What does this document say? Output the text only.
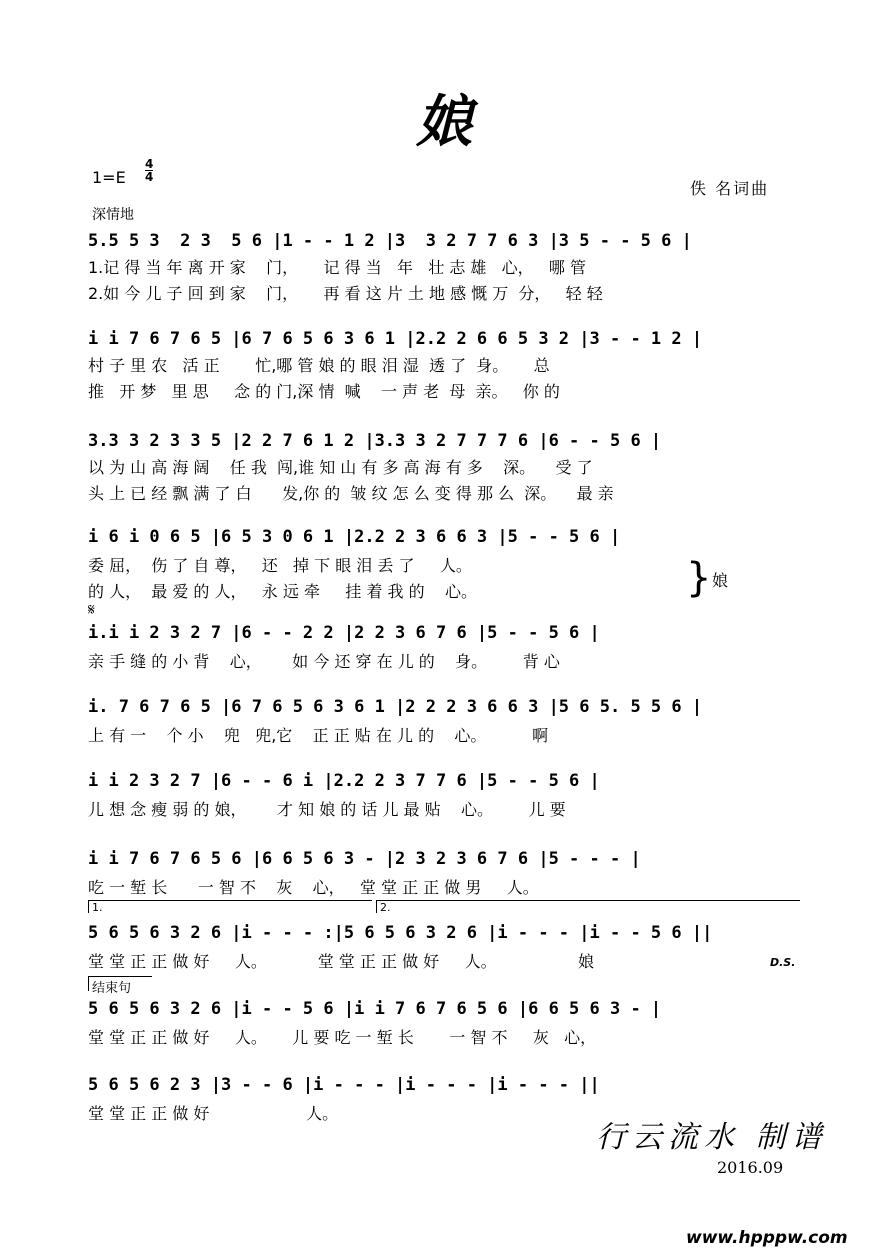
娘
$1=E \frac{4}{4}$
佚 名词曲
深情地
5.5 5 3  2 3  5 6 |1 - - 1 2 |3  3 2 7 7 6 3 |3 5 - - 5 6 |
1.记 得 当 年 离 开 家    门，     记 得 当   年   壮 志 雄   心，   哪 管
2.如 今 儿 子 回 到 家    门，     再 看 这 片 土 地 感 慨 万  分，   轻 轻
i i 7 6 7 6 5 |6 7 6 5 6 3 6 1 |2.2 2 6 6 5 3 2 |3 - - 1 2 |
村 子 里 农   活 正       忙,哪 管 娘 的 眼 泪 湿  透 了  身。     总
推   开 梦   里 思     念 的 门,深 情  喊    一 声 老  母  亲。   你 的
3.3 3 2 3 3 5 |2 2 7 6 1 2 |3.3 3 2 7 7 7 6 |6 - - 5 6 |
以 为 山 高 海 阔    任 我  闯,谁 知 山 有 多 高 海 有 多    深。    受 了
头 上 已 经 飘 满 了 白      发,你 的  皱 纹 怎 么 变 得 那 么  深。    最 亲
i 6 i 0 6 5 |6 5 3 0 6 1 |2.2 2 3 6 6 3 |5 - - 5 6 |
委 屈，  伤 了 自 尊，   还   掉 下 眼 泪 丢 了     人。
的 人，  最 爱 的 人，   永 远 牵     挂 着 我 的    心。	} 娘
𝄋
i.i i 2 3 2 7 |6 - - 2 2 |2 2 3 6 7 6 |5 - - 5 6 |
亲 手 缝 的 小 背    心，      如 今 还 穿 在 儿 的    身。       背 心
i. 7 6 7 6 5 |6 7 6 5 6 3 6 1 |2 2 2 3 6 6 3 |5 6 5. 5 5 6 |
上 有 一    个 小    兜   兜,它    正 正 贴 在 儿 的    心。         啊
i i 2 3 2 7 |6 - - 6 i |2.2 2 3 7 7 6 |5 - - 5 6 |
儿 想 念 瘦 弱 的 娘，      才 知 娘 的 话 儿 最 贴    心。       儿 要
i i 7 6 7 6 5 6 |6 6 5 6 3 - |2 3 2 3 6 7 6 |5 - - - |
吃 一 堑 长      一 智 不    灰    心，   堂 堂 正 正 做 男     人。
1.	2.
5 6 5 6 3 2 6 |i - - - :|5 6 5 6 3 2 6 |i - - - |i - - 5 6 ||
堂 堂 正 正 做 好     人。          堂 堂 正 正 做 好     人。                娘	D.S.
结束句
5 6 5 6 3 2 6 |i - - 5 6 |i i 7 6 7 6 5 6 |6 6 5 6 3 - |
堂 堂 正 正 做 好     人。     儿 要 吃 一 堑 长       一 智 不     灰   心，
5 6 5 6 2 3 |3 - - 6 |i - - - |i - - - |i - - - ||
堂 堂 正 正 做 好                   人。
行云流水 制谱
2016.09
www.hpppw.com
